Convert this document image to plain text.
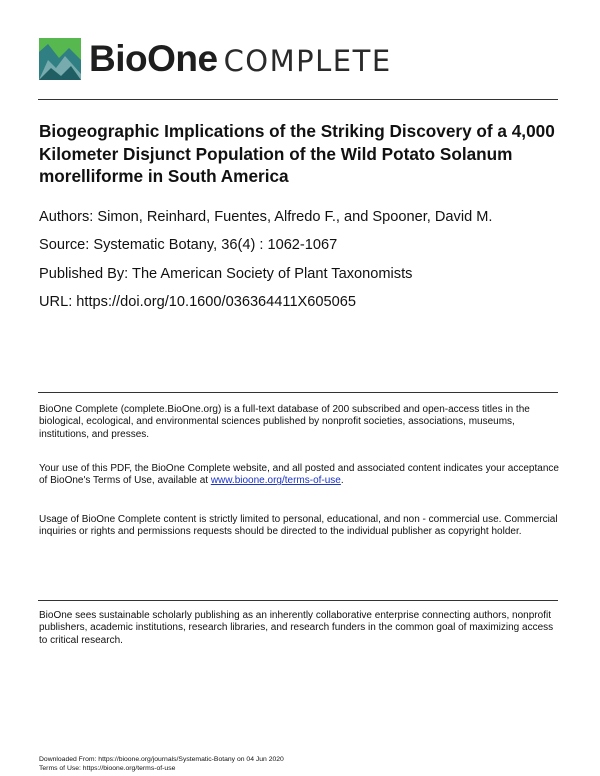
BioOne COMPLETE
Biogeographic Implications of the Striking Discovery of a 4,000 Kilometer Disjunct Population of the Wild Potato Solanum morelliforme in South America
Authors: Simon, Reinhard, Fuentes, Alfredo F., and Spooner, David M.
Source: Systematic Botany, 36(4) : 1062-1067
Published By: The American Society of Plant Taxonomists
URL: https://doi.org/10.1600/036364411X605065

BioOne Complete (complete.BioOne.org) is a full-text database of 200 subscribed and open-access titles in the biological, ecological, and environmental sciences published by nonprofit societies, associations, museums, institutions, and presses.

Your use of this PDF, the BioOne Complete website, and all posted and associated content indicates your acceptance of BioOne's Terms of Use, available at www.bioone.org/terms-of-use.

Usage of BioOne Complete content is strictly limited to personal, educational, and non - commercial use. Commercial inquiries or rights and permissions requests should be directed to the individual publisher as copyright holder.

BioOne sees sustainable scholarly publishing as an inherently collaborative enterprise connecting authors, nonprofit publishers, academic institutions, research libraries, and research funders in the common goal of maximizing access to critical research.

Downloaded From: https://bioone.org/journals/Systematic-Botany on 04 Jun 2020
Terms of Use: https://bioone.org/terms-of-use
